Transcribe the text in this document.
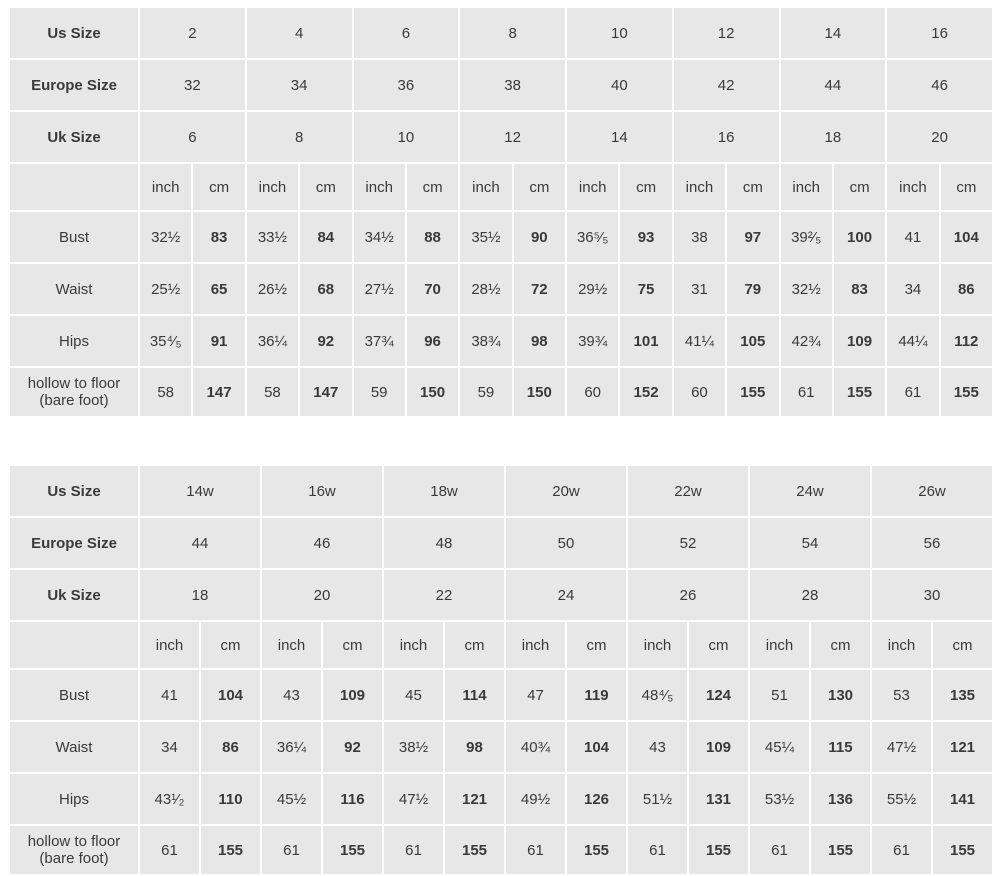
Us Size	2		4		6		8		10		12		14		16	
Europe Size	32		34		36		38		40		42		44		46	
Uk Size	6		8		10		12		14		16		18		20	
	inch	cm	inch	cm	inch	cm	inch	cm	inch	cm	inch	cm	inch	cm	inch	cm
Bust	32½	83	33½	84	34½	88	35½	90	36⁵⁄₅	93	38	97	39²⁄₅	100	41	104
Waist	25½	65	26½	68	27½	70	28½	72	29½	75	31	79	32½	83	34	86
Hips	35⁴⁄₅	91	36¼	92	37¾	96	38¾	98	39¾	101	41¼	105	42¾	109	44¼	112
hollow to floor
(bare foot)	58	147	58	147	59	150	59	150	60	152	60	155	61	155	61	155
Us Size	14w		16w		18w		20w		22w		24w		26w	
Europe Size	44		46		48		50		52		54		56	
Uk Size	18		20		22		24		26		28		30	
	inch	cm	inch	cm	inch	cm	inch	cm	inch	cm	inch	cm	inch	cm
Bust	41	104	43	109	45	114	47	119	48⁴⁄₅	124	51	130	53	135
Waist	34	86	36¼	92	38½	98	40¾	104	43	109	45¼	115	47½	121
Hips	43¹⁄₂	110	45½	116	47½	121	49½	126	51½	131	53½	136	55½	141
hollow to floor
(bare foot)	61	155	61	155	61	155	61	155	61	155	61	155	61	155
